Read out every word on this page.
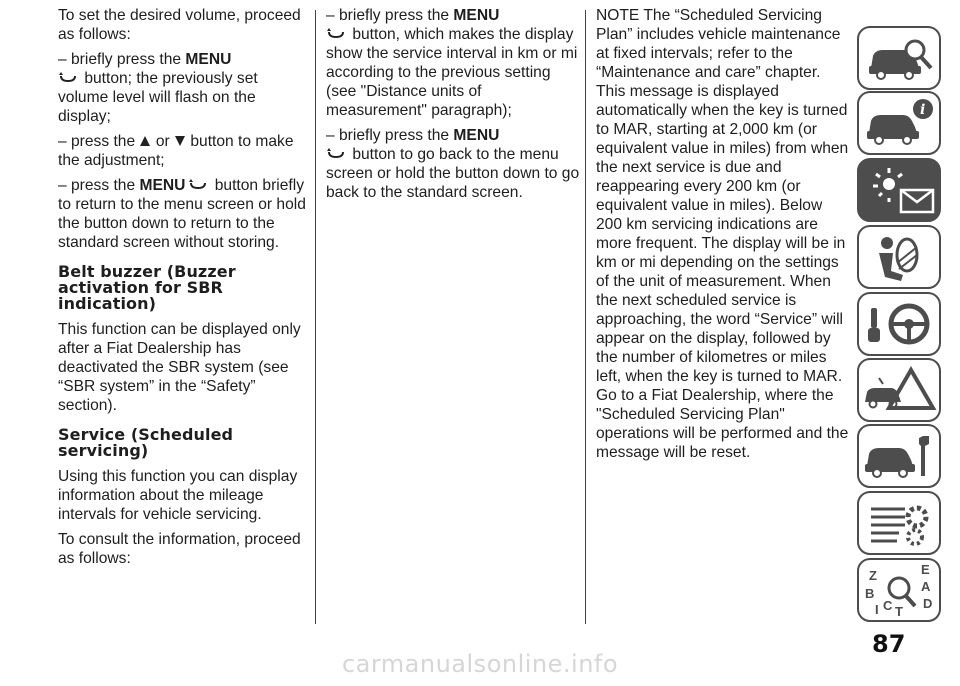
To set the desired volume, proceed as follows:

– briefly press the MENU
button; the previously set volume level will flash on the display;

– press the  or  button to make the adjustment;

– press the MENU button briefly to return to the menu screen or hold the button down to return to the standard screen without storing.

Belt buzzer (Buzzer activation for SBR indication)

This function can be displayed only after a Fiat Dealership has deactivated the SBR system (see “SBR system” in the “Safety” section).

Service (Scheduled servicing)

Using this function you can display information about the mileage intervals for vehicle servicing.

To consult the information, proceed as follows:

– briefly press the MENU
button, which makes the display show the service interval in km or mi according to the previous setting (see "Distance units of measurement" paragraph);

– briefly press the MENU
button to go back to the menu screen or hold the button down to go back to the standard screen.

NOTE The “Scheduled Servicing Plan” includes vehicle maintenance at fixed intervals; refer to the “Maintenance and care” chapter. This message is displayed automatically when the key is turned to MAR, starting at 2,000 km (or equivalent value in miles) from when the next service is due and reappearing every 200 km (or equivalent value in miles). Below 200 km servicing indications are more frequent. The display will be in km or mi depending on the settings of the unit of measurement. When the next scheduled service is approaching, the word “Service” will appear on the display, followed by the number of kilometres or miles left, when the key is turned to MAR. Go to a Fiat Dealership, where the "Scheduled Servicing Plan" operations will be performed and the message will be reset.

i
Z	E
A
B
C T
D
I
87
carmanualsonline.info
